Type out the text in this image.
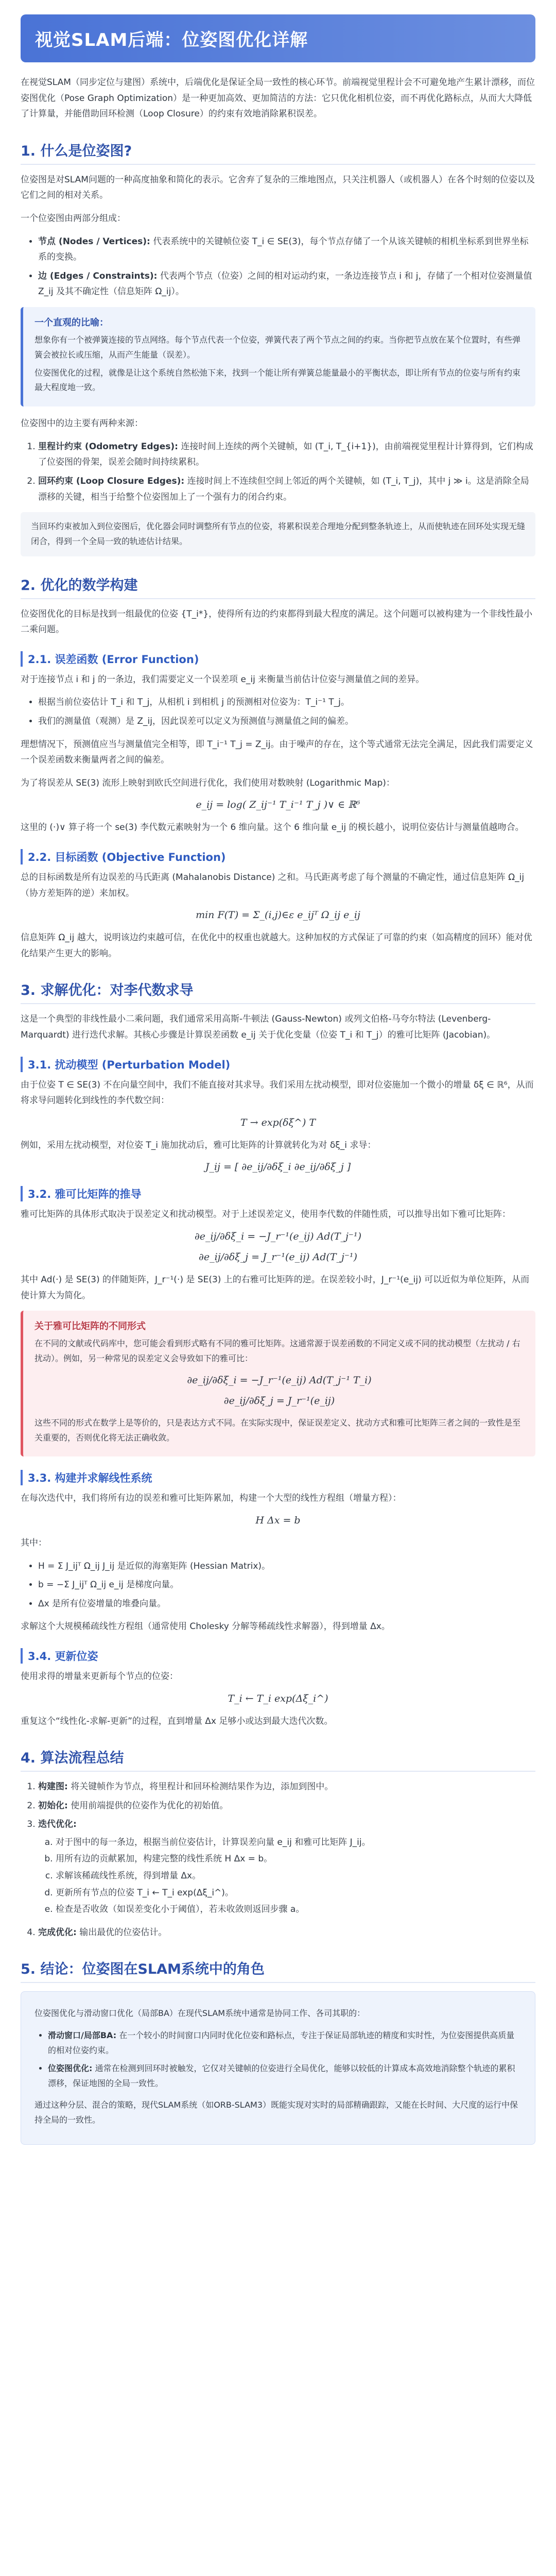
视觉SLAM后端：位姿图优化详解

在视觉SLAM（同步定位与建图）系统中，后端优化是保证全局一致性的核心环节。前端视觉里程计会不可避免地产生累计漂移，而位姿图优化（Pose Graph Optimization）是一种更加高效、更加简洁的方法：它只优化相机位姿，而不再优化路标点，从而大大降低了计算量，并能借助回环检测（Loop Closure）的约束有效地消除累积误差。

1. 什么是位姿图?

位姿图是对SLAM问题的一种高度抽象和简化的表示。它舍弃了复杂的三维地图点，只关注机器人（或机器人）在各个时刻的位姿以及它们之间的相对关系。

一个位姿图由两部分组成：

• 节点 (Nodes / Vertices): 代表系统中的关键帧位姿 T_i ∈ SE(3)，每个节点存储了一个从该关键帧的相机坐标系到世界坐标系的变换。
• 边 (Edges / Constraints): 代表两个节点（位姿）之间的相对运动约束，一条边连接节点 i 和 j，存储了一个相对位姿测量值 Z_ij 及其不确定性（信息矩阵 Ω_ij）。
一个直观的比喻：

想象你有一个被弹簧连接的节点网络。每个节点代表一个位姿，弹簧代表了两个节点之间的约束。当你把节点放在某个位置时，有些弹簧会被拉长或压缩，从而产生能量（误差）。

位姿图优化的过程，就像是让这个系统自然松弛下来，找到一个能让所有弹簧总能量最小的平衡状态，即让所有节点的位姿与所有约束最大程度地一致。

位姿图中的边主要有两种来源：

1. 里程计约束 (Odometry Edges): 连接时间上连续的两个关键帧，如 (T_i, T_{i+1})，由前端视觉里程计计算得到，它们构成了位姿图的骨架，误差会随时间持续累积。
2. 回环约束 (Loop Closure Edges): 连接时间上不连续但空间上邻近的两个关键帧，如 (T_i, T_j)，其中 j ≫ i。这是消除全局漂移的关键，相当于给整个位姿图加上了一个强有力的闭合约束。

当回环约束被加入到位姿图后，优化器会同时调整所有节点的位姿，将累积误差合理地分配到整条轨迹上，从而使轨迹在回环处实现无缝闭合，得到一个全局一致的轨迹估计结果。

2. 优化的数学构建

位姿图优化的目标是找到一组最优的位姿 {T_i*}，使得所有边的约束都得到最大程度的满足。这个问题可以被构建为一个非线性最小二乘问题。

2.1. 误差函数 (Error Function)

对于连接节点 i 和 j 的一条边，我们需要定义一个误差项 e_ij 来衡量当前估计位姿与测量值之间的差异。

• 根据当前位姿估计 T_i 和 T_j，从相机 i 到相机 j 的预测相对位姿为：T_i⁻¹ T_j。
• 我们的测量值（观测）是 Z_ij，因此误差可以定义为预测值与测量值之间的偏差。

理想情况下，预测值应当与测量值完全相等，即 T_i⁻¹ T_j = Z_ij。由于噪声的存在，这个等式通常无法完全满足，因此我们需要定义一个误差函数来衡量两者之间的偏差。

为了将误差从 SE(3) 流形上映射到欧氏空间进行优化，我们使用对数映射 (Logarithmic Map)：

e_ij = log( Z_ij⁻¹ T_i⁻¹ T_j )∨ ∈ ℝ⁶

这里的 (·)∨ 算子将一个 se(3) 李代数元素映射为一个 6 维向量。这个 6 维向量 e_ij 的模长越小，说明位姿估计与测量值越吻合。

2.2. 目标函数 (Objective Function)

总的目标函数是所有边误差的马氏距离 (Mahalanobis Distance) 之和。马氏距离考虑了每个测量的不确定性，通过信息矩阵 Ω_ij（协方差矩阵的逆）来加权。

min F(T) = Σ_(i,j)∈ε e_ijᵀ Ω_ij e_ij

信息矩阵 Ω_ij 越大，说明该边约束越可信，在优化中的权重也就越大。这种加权的方式保证了可靠的约束（如高精度的回环）能对优化结果产生更大的影响。

3. 求解优化：对李代数求导

这是一个典型的非线性最小二乘问题，我们通常采用高斯-牛顿法 (Gauss-Newton) 或列文伯格-马夸尔特法 (Levenberg-Marquardt) 进行迭代求解。其核心步骤是计算误差函数 e_ij 关于优化变量（位姿 T_i 和 T_j）的雅可比矩阵 (Jacobian)。

3.1. 扰动模型 (Perturbation Model)

由于位姿 T ∈ SE(3) 不在向量空间中，我们不能直接对其求导。我们采用左扰动模型，即对位姿施加一个微小的增量 δξ ∈ ℝ⁶，从而将求导问题转化到线性的李代数空间：

T → exp(δξ^) T

例如，采用左扰动模型，对位姿 T_i 施加扰动后，雅可比矩阵的计算就转化为对 δξ_i 求导：

J_ij = [ ∂e_ij/∂δξ_i ∂e_ij/∂δξ_j ]
3.2. 雅可比矩阵的推导

雅可比矩阵的具体形式取决于误差定义和扰动模型。对于上述误差定义，使用李代数的伴随性质，可以推导出如下雅可比矩阵：

∂e_ij/∂δξ_i = −J_r⁻¹(e_ij) Ad(T_j⁻¹)
∂e_ij/∂δξ_j = J_r⁻¹(e_ij) Ad(T_j⁻¹)

其中 Ad(·) 是 SE(3) 的伴随矩阵，J_r⁻¹(·) 是 SE(3) 上的右雅可比矩阵的逆。在误差较小时，J_r⁻¹(e_ij) 可以近似为单位矩阵，从而使计算大为简化。

关于雅可比矩阵的不同形式

在不同的文献或代码库中，您可能会看到形式略有不同的雅可比矩阵。这通常源于误差函数的不同定义或不同的扰动模型（左扰动 / 右扰动）。例如，另一种常见的误差定义会导致如下的雅可比：

∂e_ij/∂δξ_i = −J_r⁻¹(e_ij) Ad(T_j⁻¹ T_i)
∂e_ij/∂δξ_j = J_r⁻¹(e_ij)

这些不同的形式在数学上是等价的，只是表达方式不同。在实际实现中，保证误差定义、扰动方式和雅可比矩阵三者之间的一致性是至关重要的，否则优化将无法正确收敛。

3.3. 构建并求解线性系统

在每次迭代中，我们将所有边的误差和雅可比矩阵累加，构建一个大型的线性方程组（增量方程）：

H Δx = b

其中：

• H = Σ J_ijᵀ Ω_ij J_ij 是近似的海塞矩阵 (Hessian Matrix)。
• b = −Σ J_ijᵀ Ω_ij e_ij 是梯度向量。
• Δx 是所有位姿增量的堆叠向量。

求解这个大规模稀疏线性方程组（通常使用 Cholesky 分解等稀疏线性求解器），得到增量 Δx。

3.4. 更新位姿

使用求得的增量来更新每个节点的位姿：

T_i ← T_i exp(Δξ_i^)

重复这个“线性化-求解-更新”的过程，直到增量 Δx 足够小或达到最大迭代次数。

4. 算法流程总结
1. 构建图: 将关键帧作为节点，将里程计和回环检测结果作为边，添加到图中。
2. 初始化: 使用前端提供的位姿作为优化的初始值。
3. 迭代优化:
a. 对于图中的每一条边，根据当前位姿估计，计算误差向量 e_ij 和雅可比矩阵 J_ij。
b. 用所有边的贡献累加，构建完整的线性系统 H Δx = b。
c. 求解该稀疏线性系统，得到增量 Δx。
d. 更新所有节点的位姿 T_i ← T_i exp(Δξ_i^)。
e. 检查是否收敛（如误差变化小于阈值），若未收敛则返回步骤 a。
4. 完成优化: 输出最优的位姿估计。
5. 结论：位姿图在SLAM系统中的角色

位姿图优化与滑动窗口优化（局部BA）在现代SLAM系统中通常是协同工作、各司其职的：

• 滑动窗口/局部BA: 在一个较小的时间窗口内同时优化位姿和路标点，专注于保证局部轨迹的精度和实时性，为位姿图提供高质量的相对位姿约束。
• 位姿图优化: 通常在检测到回环时被触发，它仅对关键帧的位姿进行全局优化，能够以较低的计算成本高效地消除整个轨迹的累积漂移，保证地图的全局一致性。

通过这种分层、混合的策略，现代SLAM系统（如ORB-SLAM3）既能实现对实时的局部精确跟踪，又能在长时间、大尺度的运行中保持全局的一致性。
